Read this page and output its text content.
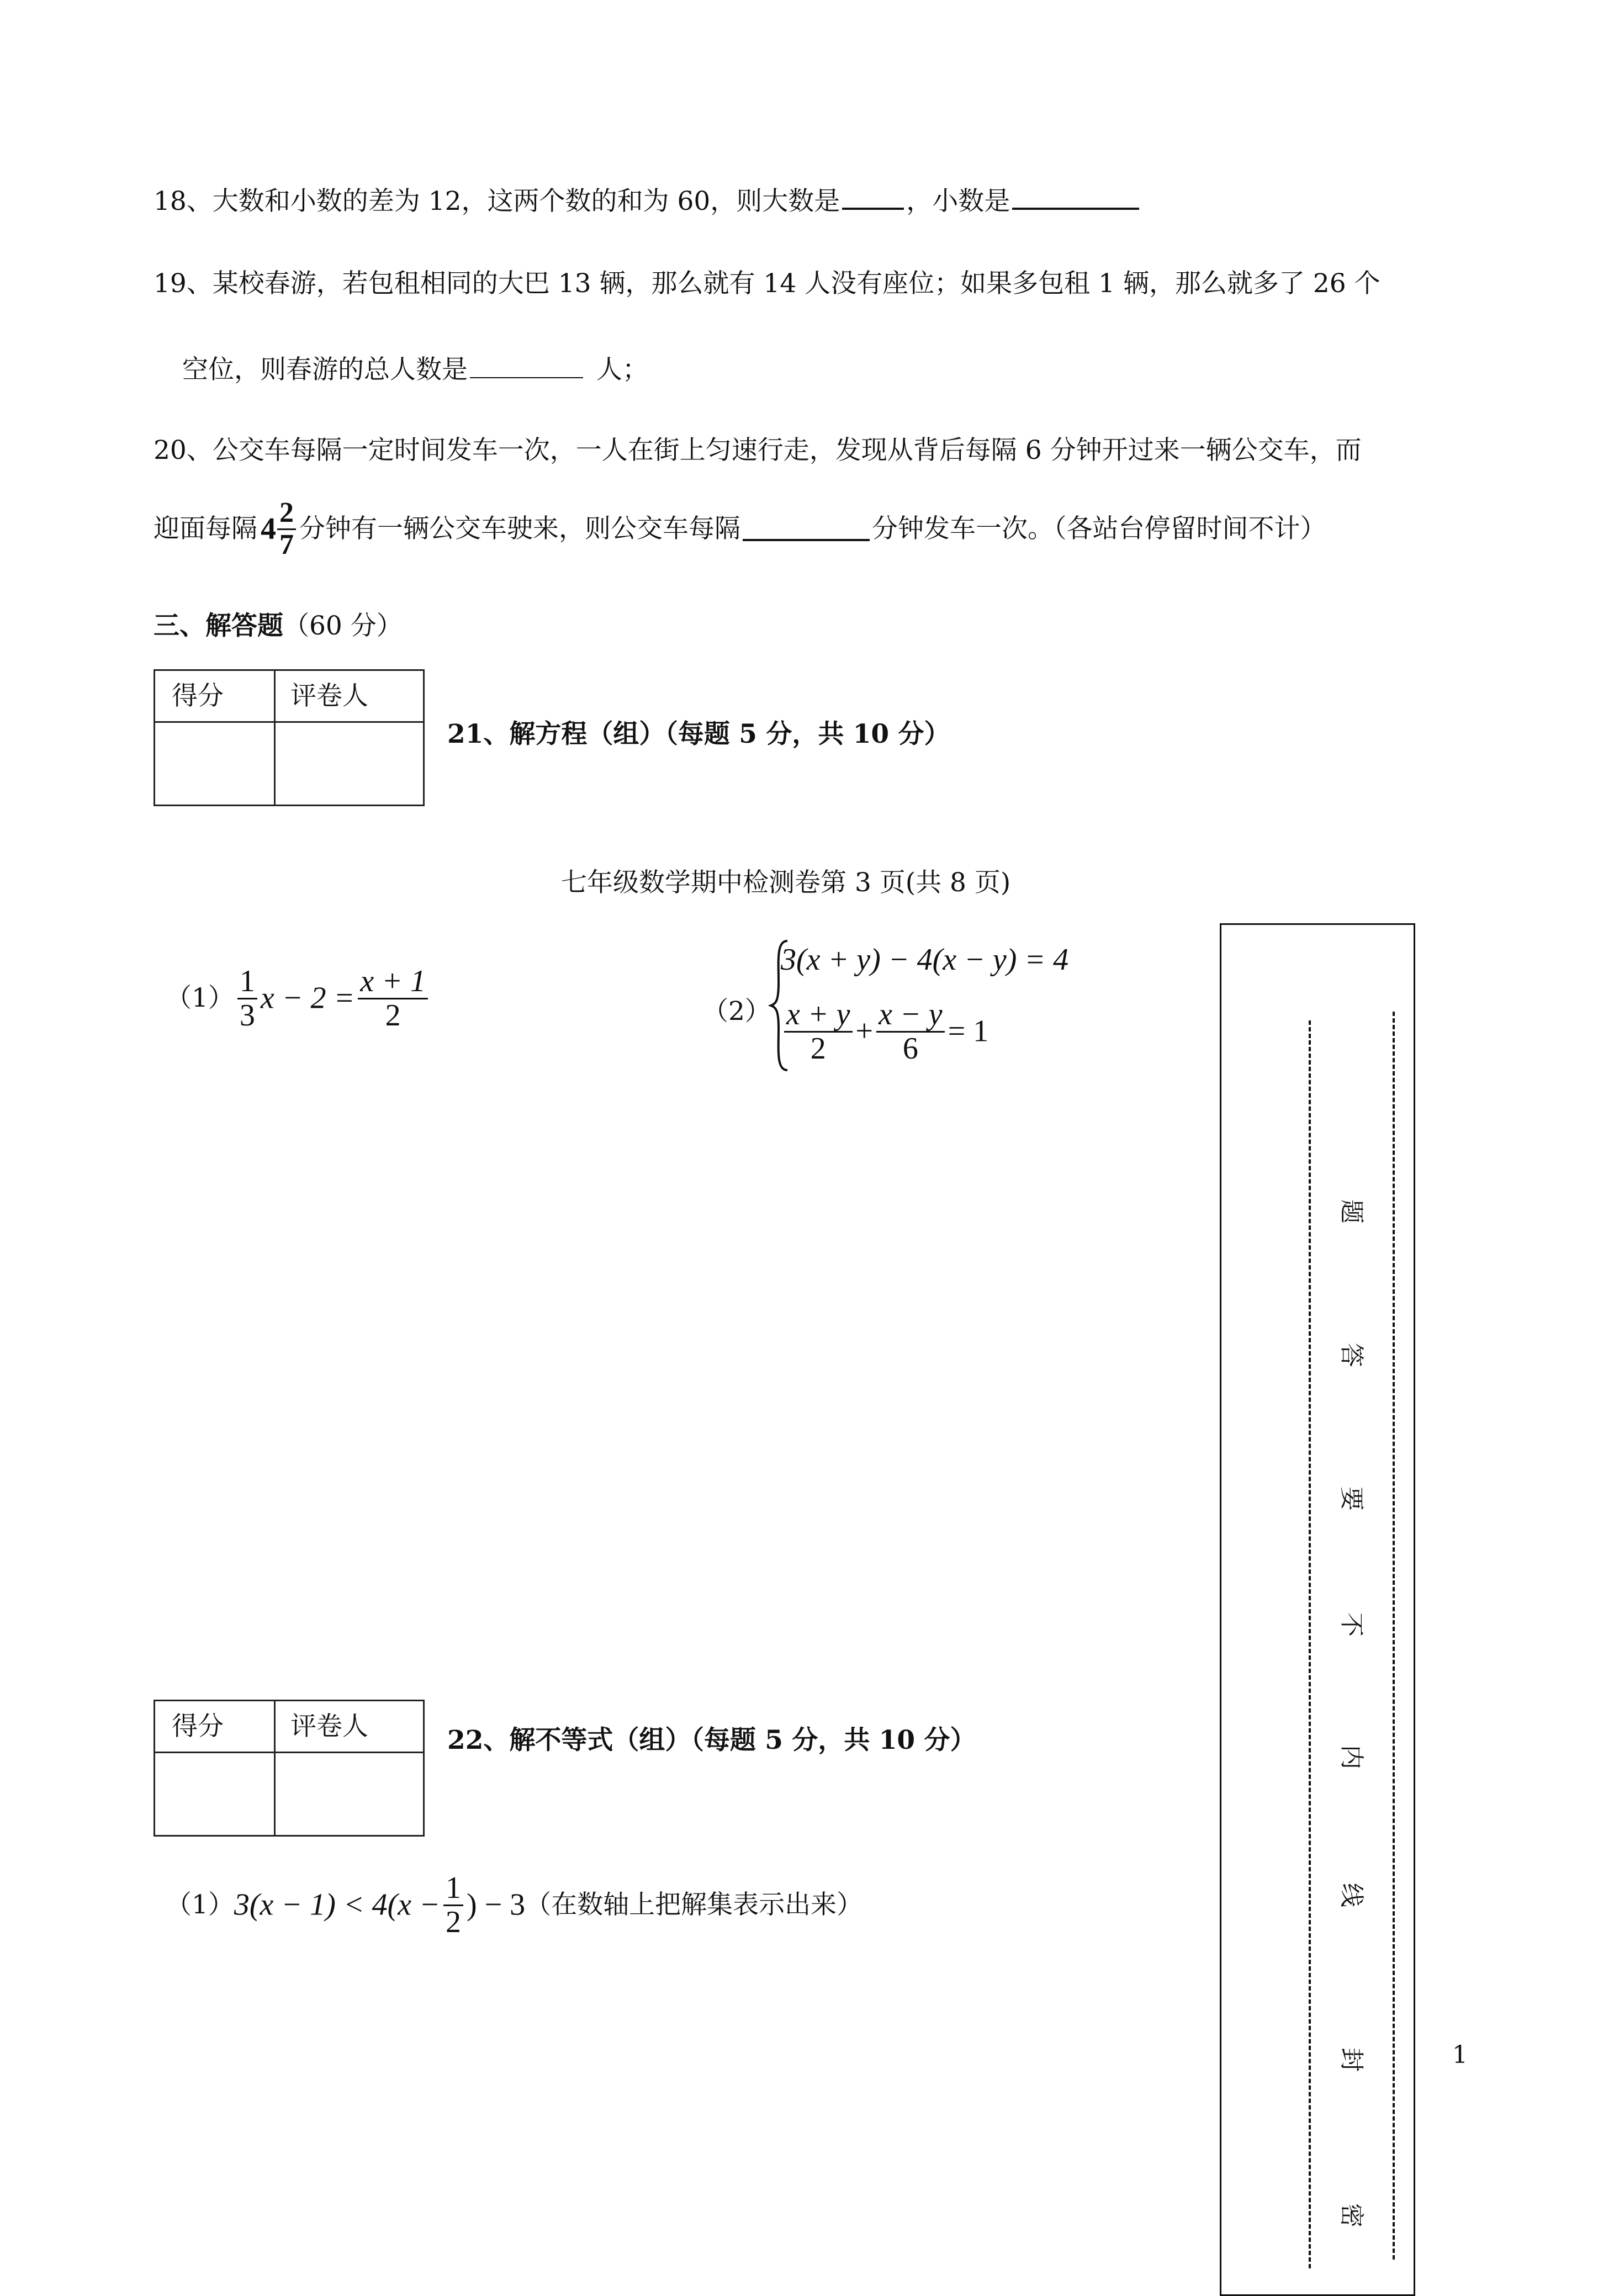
18、大数和小数的差为 12，这两个数的和为 60，则大数是	，小数是
19、某校春游，若包租相同的大巴 13 辆，那么就有 14 人没有座位；如果多包租 1 辆，那么就多了 26 个
空位，则春游的总人数是	人；
20、公交车每隔一定时间发车一次，一人在街上匀速行走，发现从背后每隔 6 分钟开过来一辆公交车，而
迎面每隔 $4 \frac{2}{7}$ 分钟有一辆公交车驶来，则公交车每隔	分钟发车一次。（各站台停留时间不计）
三、解答题（60 分）
得分	评卷人
21、解方程（组）（每题 5 分，共 10 分）
七年级数学期中检测卷第 3 页(共 8 页)
$(1) \frac{1}{3}$ $x - 2 = \frac{x + 1}{2}$	（2）
3(x + y) − 4(x − y) = 4
$\frac{x + y}{2} + \frac{x - y}{6} = 1$
得分	评卷人	22、解不等式（组）（每题 5 分，共 10 分）
$(1)3(x - 1) < 4(x - \frac{1}{2}$ ) − 3（在数轴上把解集表示出来）
题
答
要
不
内
线
封
密
1
